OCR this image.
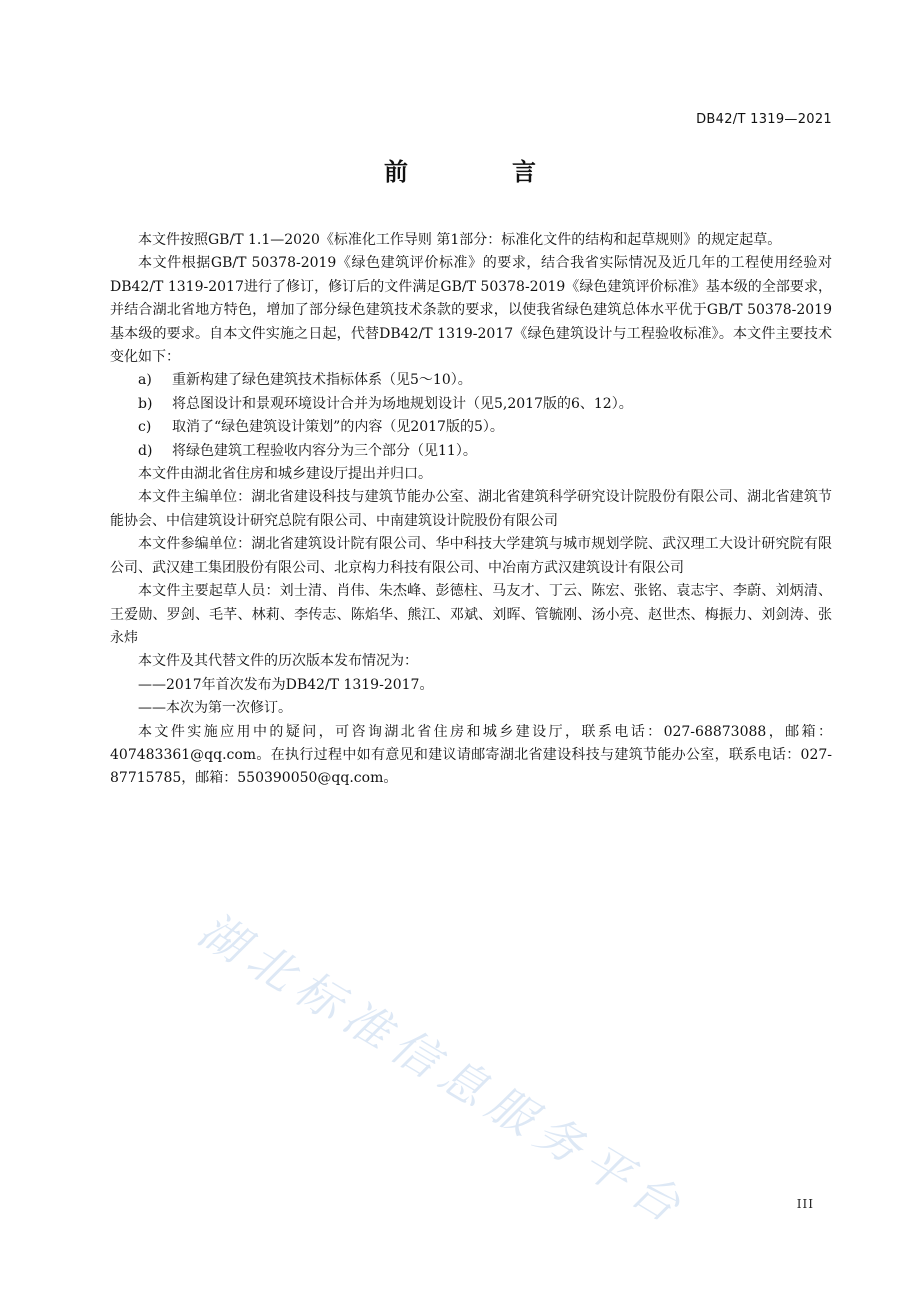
DB42/T 1319—2021
前　言

本文件按照GB/T 1.1—2020《标准化工作导则 第1部分：标准化文件的结构和起草规则》的规定起草。

本文件根据GB/T 50378-2019《绿色建筑评价标准》的要求，结合我省实际情况及近几年的工程使用经验对DB42/T 1319-2017进行了修订，修订后的文件满足GB/T 50378-2019《绿色建筑评价标准》基本级的全部要求，并结合湖北省地方特色，增加了部分绿色建筑技术条款的要求，以使我省绿色建筑总体水平优于GB/T 50378-2019基本级的要求。自本文件实施之日起，代替DB42/T 1319-2017《绿色建筑设计与工程验收标准》。本文件主要技术变化如下：

a) 重新构建了绿色建筑技术指标体系（见5～10）。

b) 将总图设计和景观环境设计合并为场地规划设计（见5,2017版的6、12）。

c) 取消了“绿色建筑设计策划”的内容（见2017版的5）。

d) 将绿色建筑工程验收内容分为三个部分（见11）。

本文件由湖北省住房和城乡建设厅提出并归口。

本文件主编单位：湖北省建设科技与建筑节能办公室、湖北省建筑科学研究设计院股份有限公司、湖北省建筑节能协会、中信建筑设计研究总院有限公司、中南建筑设计院股份有限公司

本文件参编单位：湖北省建筑设计院有限公司、华中科技大学建筑与城市规划学院、武汉理工大设计研究院有限公司、武汉建工集团股份有限公司、北京构力科技有限公司、中冶南方武汉建筑设计有限公司

本文件主要起草人员：刘士清、肖伟、朱杰峰、彭德柱、马友才、丁云、陈宏、张铭、袁志宇、李蔚、刘炳清、王爱勋、罗剑、毛芊、林莉、李传志、陈焰华、熊江、邓斌、刘晖、管毓刚、汤小亮、赵世杰、梅振力、刘剑涛、张永炜

本文件及其代替文件的历次版本发布情况为：

——2017年首次发布为DB42/T 1319-2017。

——本次为第一次修订。

本文件实施应用中的疑问，可咨询湖北省住房和城乡建设厅，联系电话：027-68873088，邮箱：407483361@qq.com。在执行过程中如有意见和建议请邮寄湖北省建设科技与建筑节能办公室，联系电话：027-87715785，邮箱：550390050@qq.com。

湖北标准信息服务平台	III
